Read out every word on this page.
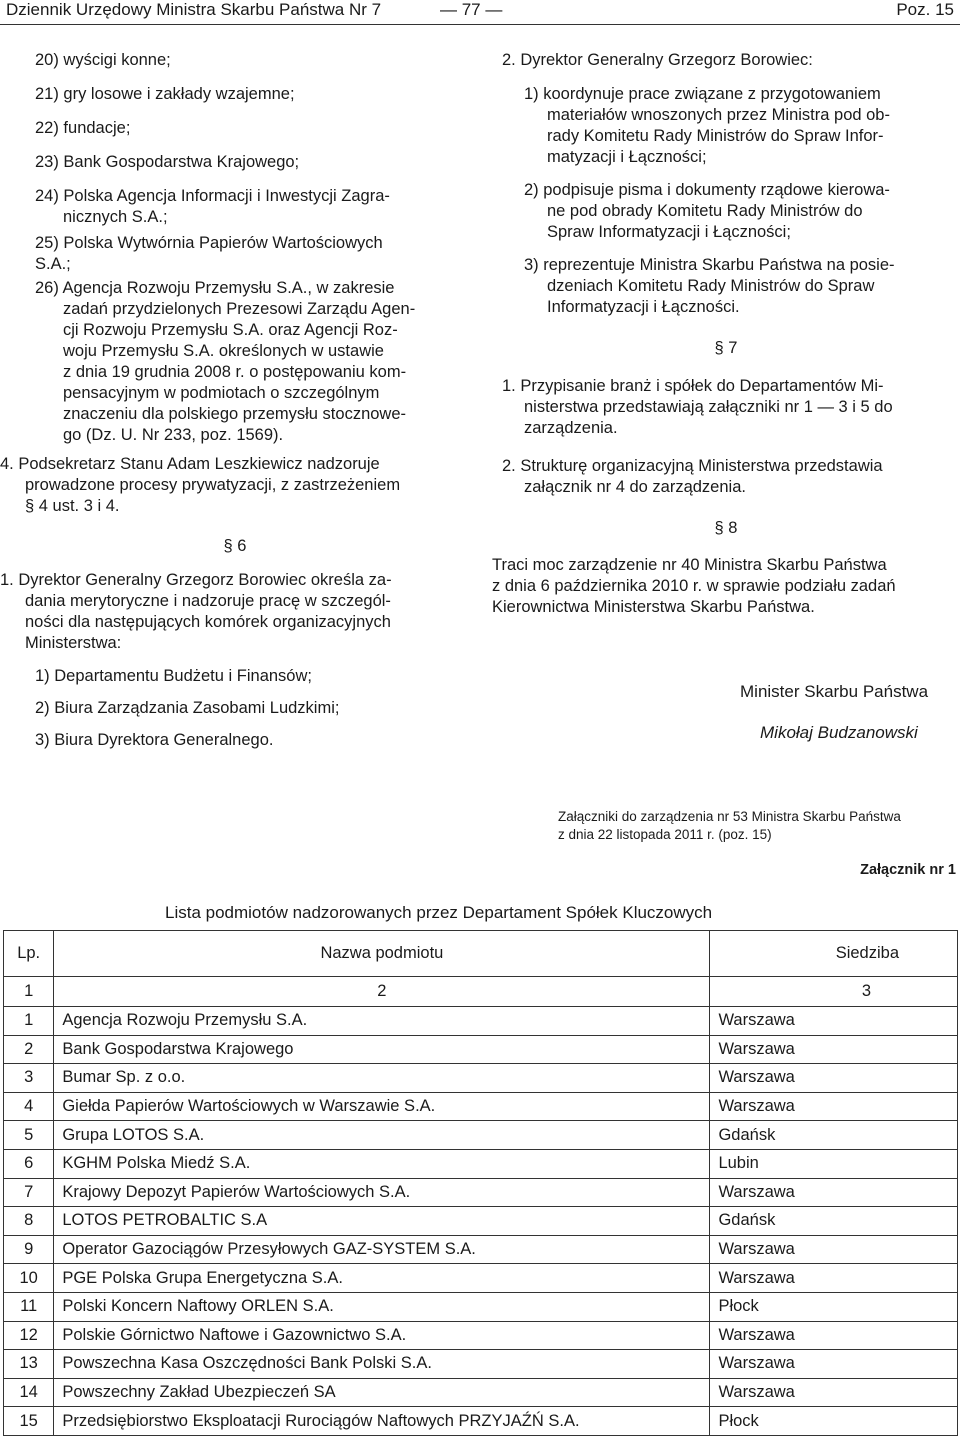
Dziennik Urzędowy Ministra Skarbu Państwa Nr 7	— 77 —	Poz. 15
20) wyścigi konne;
21) gry losowe i zakłady wzajemne;
22) fundacje;
23) Bank Gospodarstwa Krajowego;
24) Polska Agencja Informacji i Inwestycji Zagra-
nicznych S.A.;
25) Polska Wytwórnia Papierów Wartościowych
S.A.;
26) Agencja Rozwoju Przemysłu S.A., w zakresie
zadań przydzielonych Prezesowi Zarządu Agen-
cji Rozwoju Przemysłu S.A. oraz Agencji Roz-
woju Przemysłu S.A. określonych w ustawie
z dnia 19 grudnia 2008 r. o postępowaniu kom-
pensacyjnym w podmiotach o szczególnym
znaczeniu dla polskiego przemysłu stocznowe-
go (Dz. U. Nr 233, poz. 1569).
4. Podsekretarz Stanu Adam Leszkiewicz nadzoruje
prowadzone procesy prywatyzacji, z zastrzeżeniem
§ 4 ust. 3 i 4.
§ 6
1. Dyrektor Generalny Grzegorz Borowiec określa za-
dania merytoryczne i nadzoruje pracę w szczegól-
ności dla następujących komórek organizacyjnych
Ministerstwa:
1) Departamentu Budżetu i Finansów;
2) Biura Zarządzania Zasobami Ludzkimi;
3) Biura Dyrektora Generalnego.
2. Dyrektor Generalny Grzegorz Borowiec:
1) koordynuje prace związane z przygotowaniem
materiałów wnoszonych przez Ministra pod ob-
rady Komitetu Rady Ministrów do Spraw Infor-
matyzacji i Łączności;
2) podpisuje pisma i dokumenty rządowe kierowa-
ne pod obrady Komitetu Rady Ministrów do
Spraw Informatyzacji i Łączności;
3) reprezentuje Ministra Skarbu Państwa na posie-
dzeniach Komitetu Rady Ministrów do Spraw
Informatyzacji i Łączności.
§ 7
1. Przypisanie branż i spółek do Departamentów Mi-
nisterstwa przedstawiają załączniki nr 1 — 3 i 5 do
zarządzenia.
2. Strukturę organizacyjną Ministerstwa przedstawia
załącznik nr 4 do zarządzenia.
§ 8
Traci moc zarządzenie nr 40 Ministra Skarbu Państwa
z dnia 6 października 2010 r. w sprawie podziału zadań
Kierownictwa Ministerstwa Skarbu Państwa.
Minister Skarbu Państwa
Mikołaj Budzanowski
Załączniki do zarządzenia nr 53 Ministra Skarbu Państwa
z dnia 22 listopada 2011 r. (poz. 15)
Załącznik nr 1
Lista podmiotów nadzorowanych przez Departament Spółek Kluczowych
Lp.	Nazwa podmiotu	Siedziba
1	2	3
1	Agencja Rozwoju Przemysłu S.A.	Warszawa
2	Bank Gospodarstwa Krajowego	Warszawa
3	Bumar Sp. z o.o.	Warszawa
4	Giełda Papierów Wartościowych w Warszawie S.A.	Warszawa
5	Grupa LOTOS S.A.	Gdańsk
6	KGHM Polska Miedź S.A.	Lubin
7	Krajowy Depozyt Papierów Wartościowych S.A.	Warszawa
8	LOTOS PETROBALTIC S.A	Gdańsk
9	Operator Gazociągów Przesyłowych GAZ-SYSTEM S.A.	Warszawa
10	PGE Polska Grupa Energetyczna S.A.	Warszawa
11	Polski Koncern Naftowy ORLEN S.A.	Płock
12	Polskie Górnictwo Naftowe i Gazownictwo S.A.	Warszawa
13	Powszechna Kasa Oszczędności Bank Polski S.A.	Warszawa
14	Powszechny Zakład Ubezpieczeń SA	Warszawa
15	Przedsiębiorstwo Eksploatacji Rurociągów Naftowych PRZYJAŹŃ S.A.	Płock
